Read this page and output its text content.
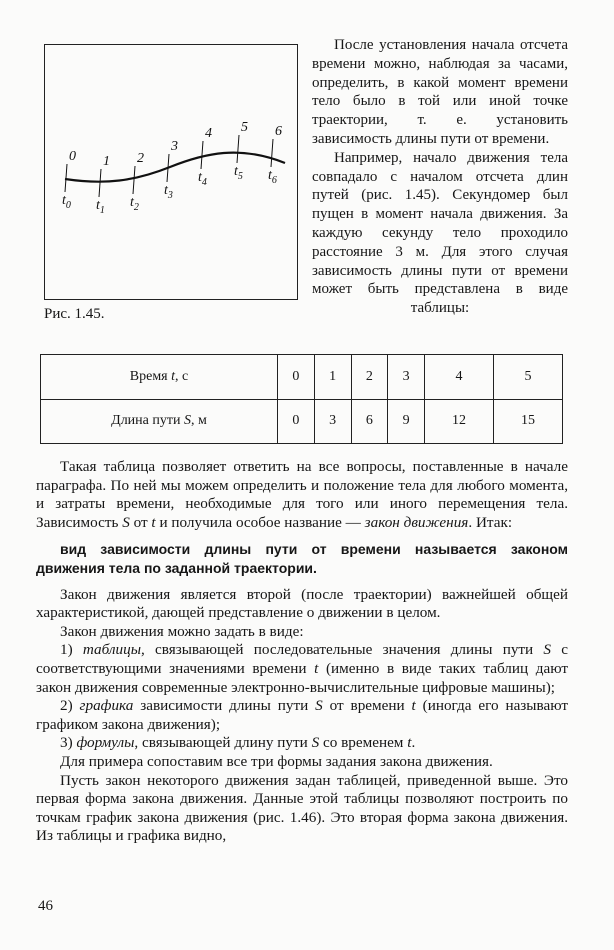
0
$t_0$
1
$t_1$
2
$t_2$
3
$t_3$
4
$t_4$
5
$t_5$
6
$t_6$
Рис. 1.45.

После установления начала отсчета времени можно, наблюдая за часами, определить, в какой момент времени тело было в той или иной точке траектории, т. е. установить зависимость длины пути от времени.

Например, начало движения тела совпадало с началом отсчета длин путей (рис. 1.45). Секундомер был пущен в момент начала движения. За каждую секунду тело проходило расстояние 3 м. Для этого случая зависимость длины пути от времени может быть представлена в виде таблицы:

Время t, с	0	1	2	3	4	5
Длина пути S, м	0	3	6	9	12	15

Такая таблица позволяет ответить на все вопросы, поставленные в начале параграфа. По ней мы можем определить и положение тела для любого момента, и затраты времени, необходимые для того или иного перемещения тела. Зависимость S от t и получила особое название — закон движения. Итак:

вид зависимости длины пути от времени называется законом движения тела по заданной траектории.

Закон движения является второй (после траектории) важнейшей общей характеристикой, дающей представление о движении в целом.

Закон движения можно задать в виде:

1) таблицы, связывающей последовательные значения длины пути S с соответствующими значениями времени t (именно в виде таких таблиц дают закон движения современные электронно-вычислительные цифровые машины);

2) графика зависимости длины пути S от времени t (иногда его называют графиком закона движения);

3) формулы, связывающей длину пути S со временем t.

Для примера сопоставим все три формы задания закона движения.

Пусть закон некоторого движения задан таблицей, приведенной выше. Это первая форма закона движения. Данные этой таблицы позволяют построить по точкам график закона движения (рис. 1.46). Это вторая форма закона движения. Из таблицы и графика видно,

46
